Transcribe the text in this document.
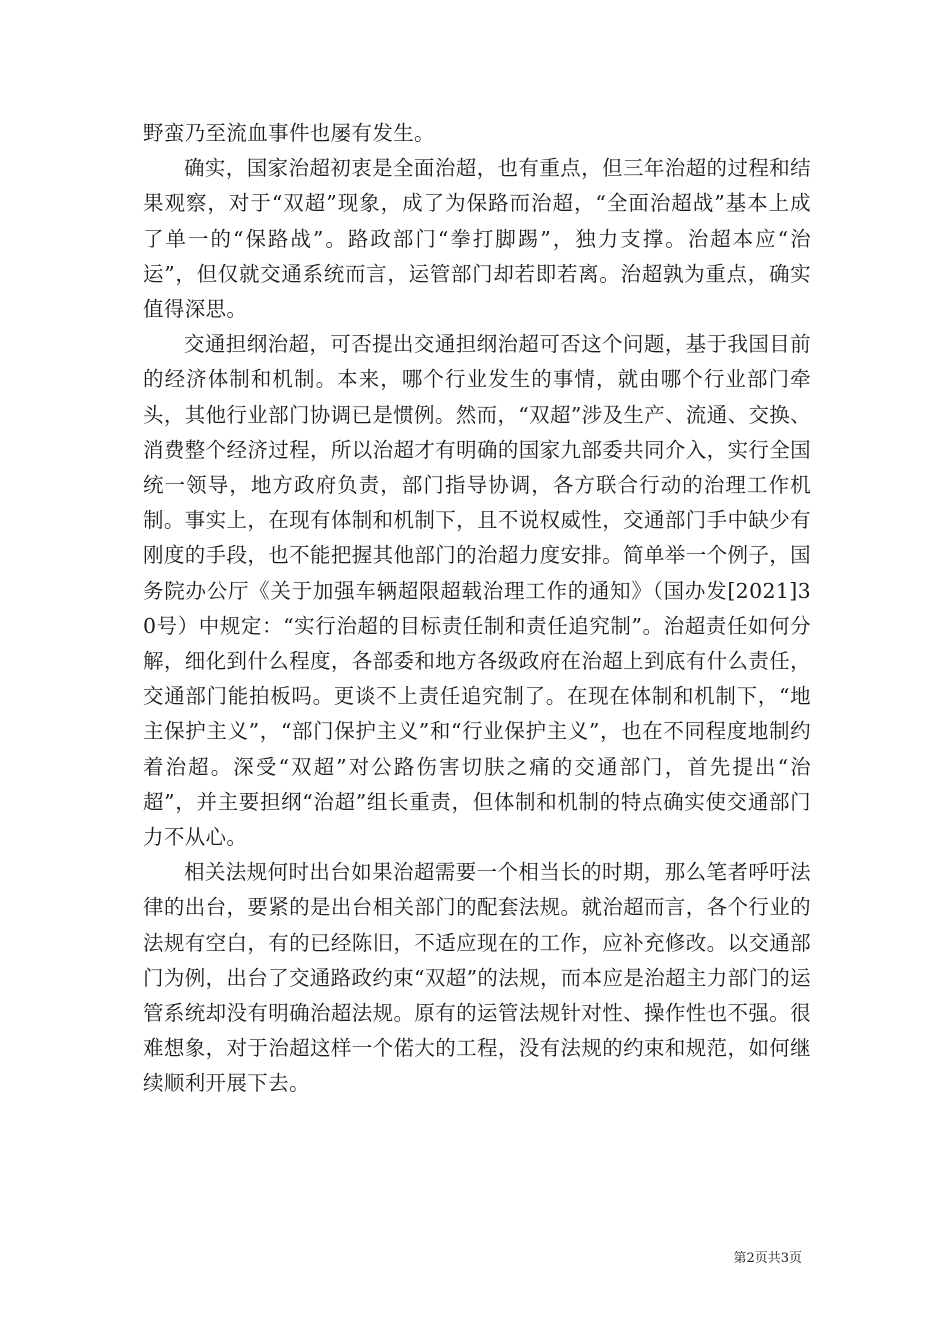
野蛮乃至流血事件也屡有发生。

确实，国家治超初衷是全面治超，也有重点，但三年治超的过程和结果观察，对于“双超”现象，成了为保路而治超，“全面治超战”基本上成了单一的“保路战”。路政部门“拳打脚踢”，独力支撑。治超本应“治运”，但仅就交通系统而言，运管部门却若即若离。治超孰为重点，确实值得深思。

交通担纲治超，可否提出交通担纲治超可否这个问题，基于我国目前的经济体制和机制。本来，哪个行业发生的事情，就由哪个行业部门牵头，其他行业部门协调已是惯例。然而，“双超”涉及生产、流通、交换、消费整个经济过程，所以治超才有明确的国家九部委共同介入，实行全国统一领导，地方政府负责，部门指导协调，各方联合行动的治理工作机制。事实上，在现有体制和机制下，且不说权威性，交通部门手中缺少有刚度的手段，也不能把握其他部门的治超力度安排。简单举一个例子，国务院办公厅《关于加强车辆超限超载治理工作的通知》（国办发[2021]30号）中规定：“实行治超的目标责任制和责任追究制”。治超责任如何分解，细化到什么程度，各部委和地方各级政府在治超上到底有什么责任，交通部门能拍板吗。更谈不上责任追究制了。在现在体制和机制下，“地主保护主义”，“部门保护主义”和“行业保护主义”，也在不同程度地制约着治超。深受“双超”对公路伤害切肤之痛的交通部门，首先提出“治超”，并主要担纲“治超”组长重责，但体制和机制的特点确实使交通部门力不从心。

相关法规何时出台如果治超需要一个相当长的时期，那么笔者呼吁法律的出台，要紧的是出台相关部门的配套法规。就治超而言，各个行业的法规有空白，有的已经陈旧，不适应现在的工作，应补充修改。以交通部门为例，出台了交通路政约束“双超”的法规，而本应是治超主力部门的运管系统却没有明确治超法规。原有的运管法规针对性、操作性也不强。很难想象，对于治超这样一个偌大的工程，没有法规的约束和规范，如何继续顺利开展下去。

第2页共3页
